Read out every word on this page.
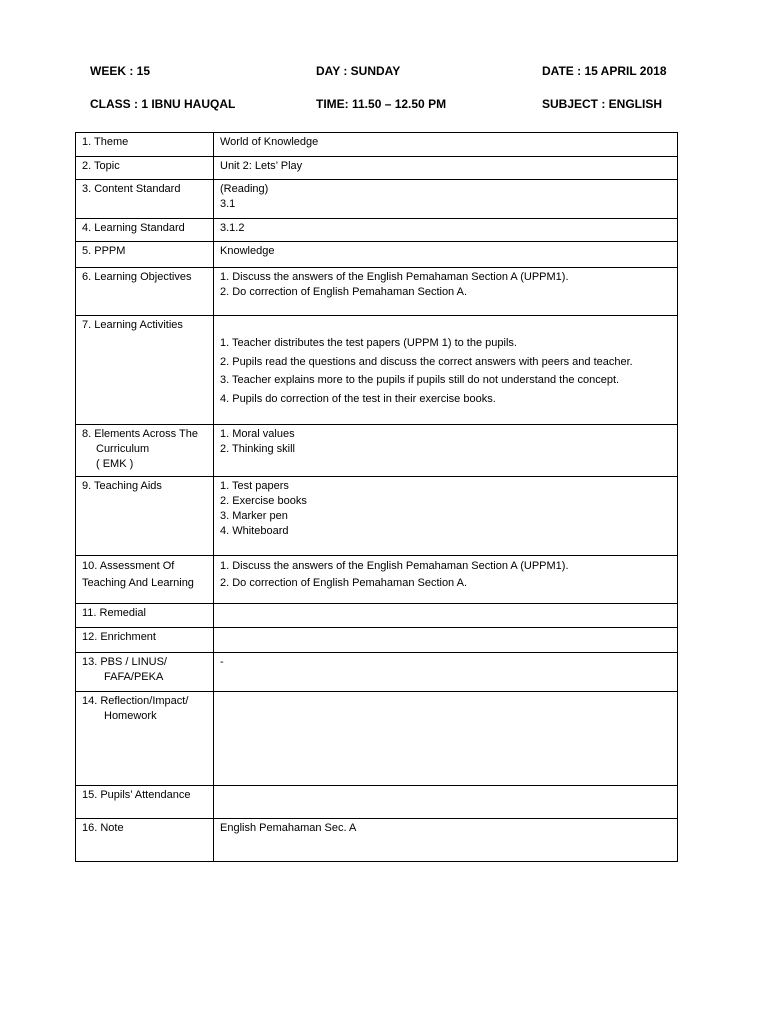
WEEK : 15	DAY : SUNDAY	DATE : 15 APRIL 2018
CLASS : 1 IBNU HAUQAL	TIME: 11.50 – 12.50 PM	SUBJECT : ENGLISH
1. Theme	World of Knowledge

2. Topic	Unit 2: Lets’ Play

3. Content Standard	(Reading)
3.1

4. Learning Standard	3.1.2

5. PPPM	Knowledge

6. Learning Objectives	1. Discuss the answers of the English Pemahaman Section A (UPPM1).
2. Do correction of English Pemahaman Section A.

7. Learning Activities	1. Teacher distributes the test papers (UPPM 1) to the pupils.
2. Pupils read the questions and discuss the correct answers with peers and teacher.
3. Teacher explains more to the pupils if pupils still do not understand the concept.
4. Pupils do correction of the test in their exercise books.

8. Elements Across The
Curriculum
( EMK )	1. Moral values
2. Thinking skill

9. Teaching Aids	1. Test papers
2. Exercise books
3. Marker pen
4. Whiteboard

10. Assessment Of
Teaching And Learning	1. Discuss the answers of the English Pemahaman Section A (UPPM1).
2. Do correction of English Pemahaman Section A.

11. Remedial	

12. Enrichment	

13. PBS / LINUS/
FAFA/PEKA	-

14. Reflection/Impact/
Homework	

15. Pupils’ Attendance	

16. Note	English Pemahaman Sec. A
